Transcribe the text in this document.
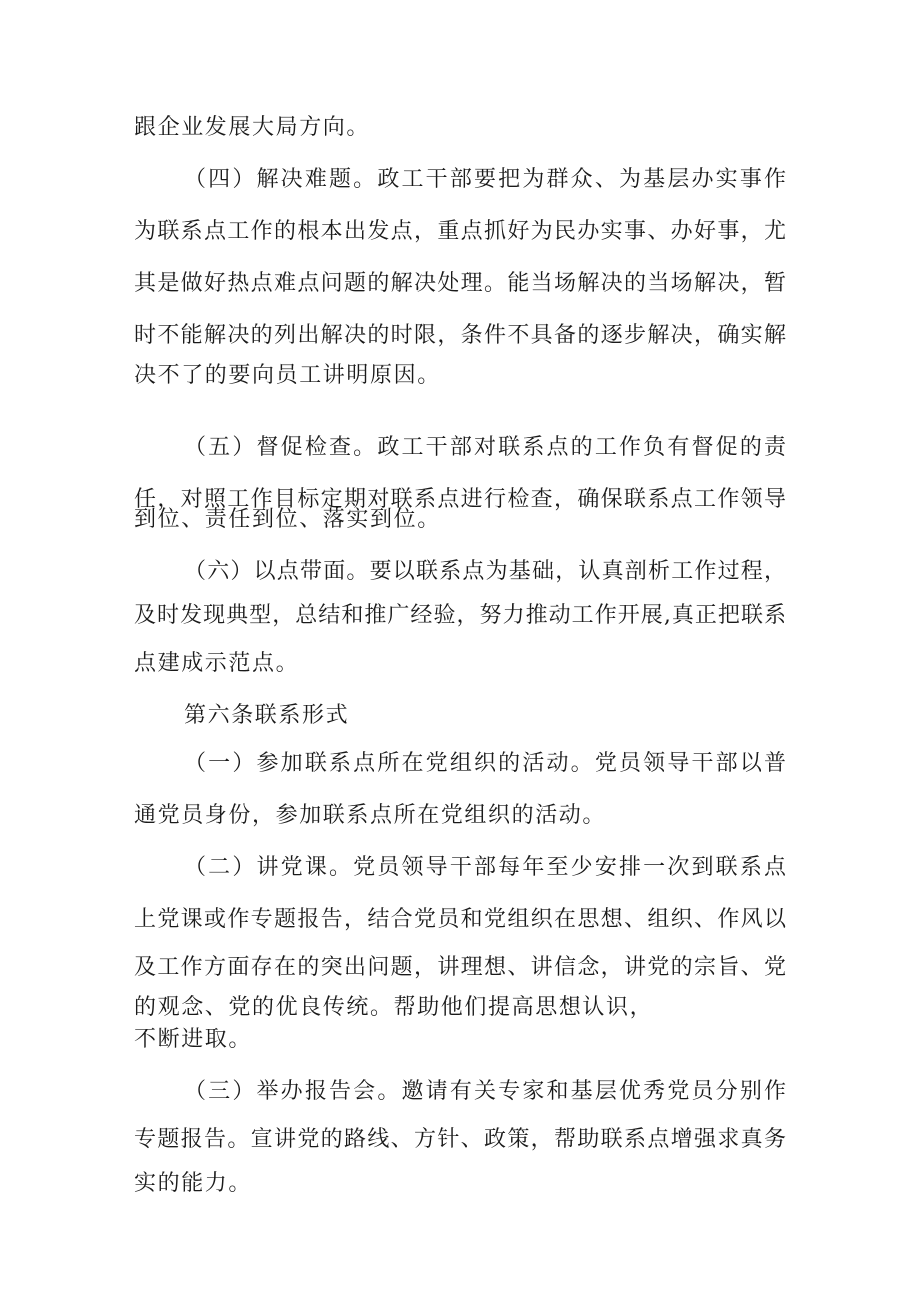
跟企业发展大局方向。
（四）解决难题。政工干部要把为群众、为基层办实事作
为联系点工作的根本出发点，重点抓好为民办实事、办好事，尤
其是做好热点难点问题的解决处理。能当场解决的当场解决，暂
时不能解决的列出解决的时限，条件不具备的逐步解决，确实解
决不了的要向员工讲明原因。
（五）督促检查。政工干部对联系点的工作负有督促的责
任，对照工作目标定期对联系点进行检查，确保联系点工作领导
到位、责任到位、落实到位。
（六）以点带面。要以联系点为基础，认真剖析工作过程，
及时发现典型，总结和推广经验，努力推动工作开展,真正把联系
点建成示范点。
第六条联系形式
（一）参加联系点所在党组织的活动。党员领导干部以普
通党员身份，参加联系点所在党组织的活动。
（二）讲党课。党员领导干部每年至少安排一次到联系点
上党课或作专题报告，结合党员和党组织在思想、组织、作风以
及工作方面存在的突出问题，讲理想、讲信念，讲党的宗旨、党
的观念、党的优良传统。帮助他们提高思想认识，
不断进取。
（三）举办报告会。邀请有关专家和基层优秀党员分别作
专题报告。宣讲党的路线、方针、政策，帮助联系点增强求真务
实的能力。
